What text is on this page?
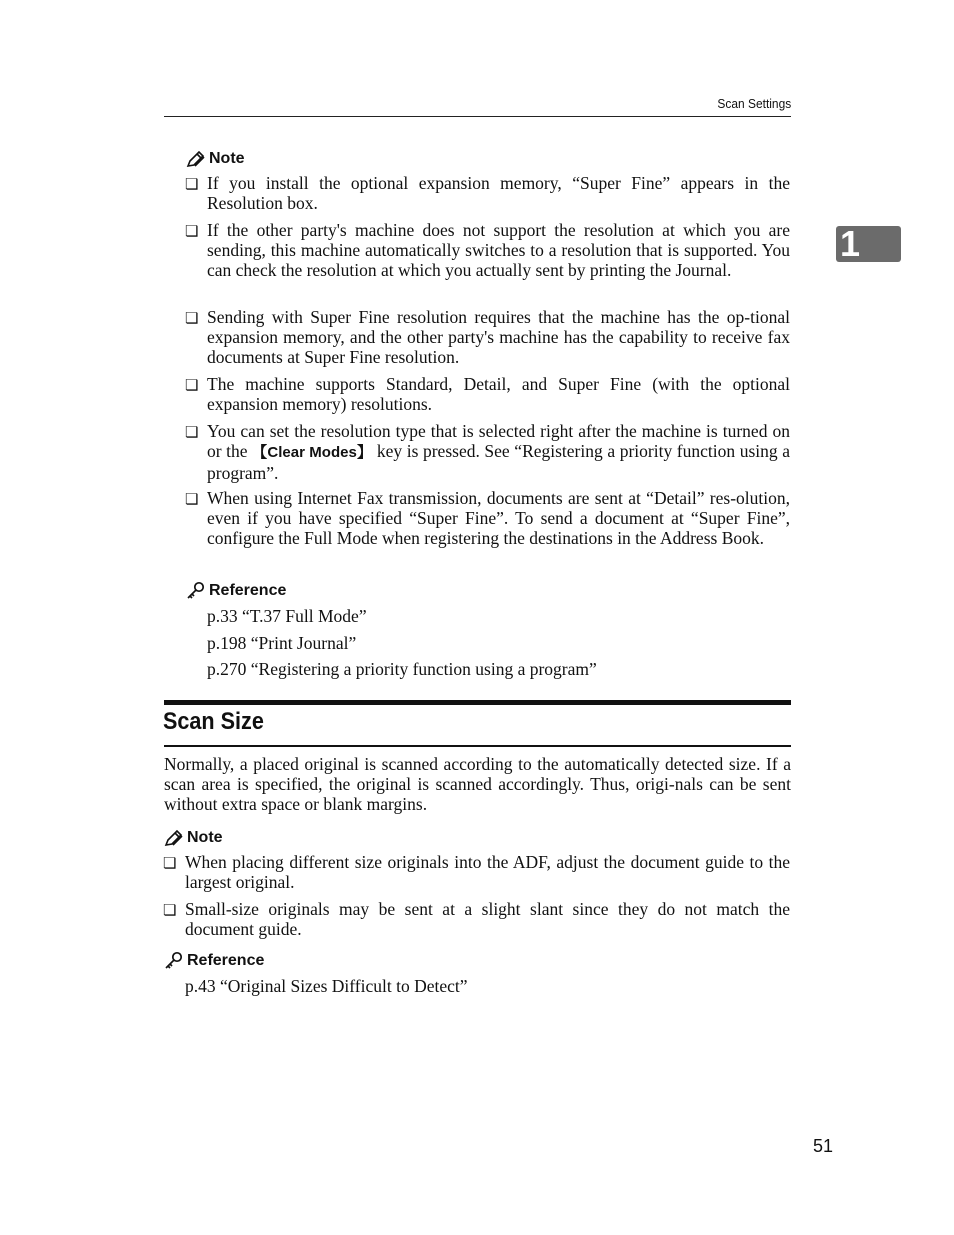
Scan Settings
1
Note
❏ If you install the optional expansion memory, “Super Fine” appears in the Resolution box.
❏ If the other party's machine does not support the resolution at which you are sending, this machine automatically switches to a resolution that is supported. You can check the resolution at which you actually sent by printing the Journal.
❏ Sending with Super Fine resolution requires that the machine has the op-tional expansion memory, and the other party's machine has the capability to receive fax documents at Super Fine resolution.
❏ The machine supports Standard, Detail, and Super Fine (with the optional expansion memory) resolutions.
❏ You can set the resolution type that is selected right after the machine is turned on or the 【Clear Modes】 key is pressed. See “Registering a priority function using a program”.
❏ When using Internet Fax transmission, documents are sent at “Detail” res-olution, even if you have specified “Super Fine”. To send a document at “Super Fine”, configure the Full Mode when registering the destinations in the Address Book.
Reference
p.33 “T.37 Full Mode”
p.198 “Print Journal”
p.270 “Registering a priority function using a program”
Scan Size
Normally, a placed original is scanned according to the automatically detected size. If a scan area is specified, the original is scanned accordingly. Thus, origi-nals can be sent without extra space or blank margins.
Note
❏ When placing different size originals into the ADF, adjust the document guide to the largest original.
❏ Small-size originals may be sent at a slight slant since they do not match the document guide.
Reference
p.43 “Original Sizes Difficult to Detect”
51
